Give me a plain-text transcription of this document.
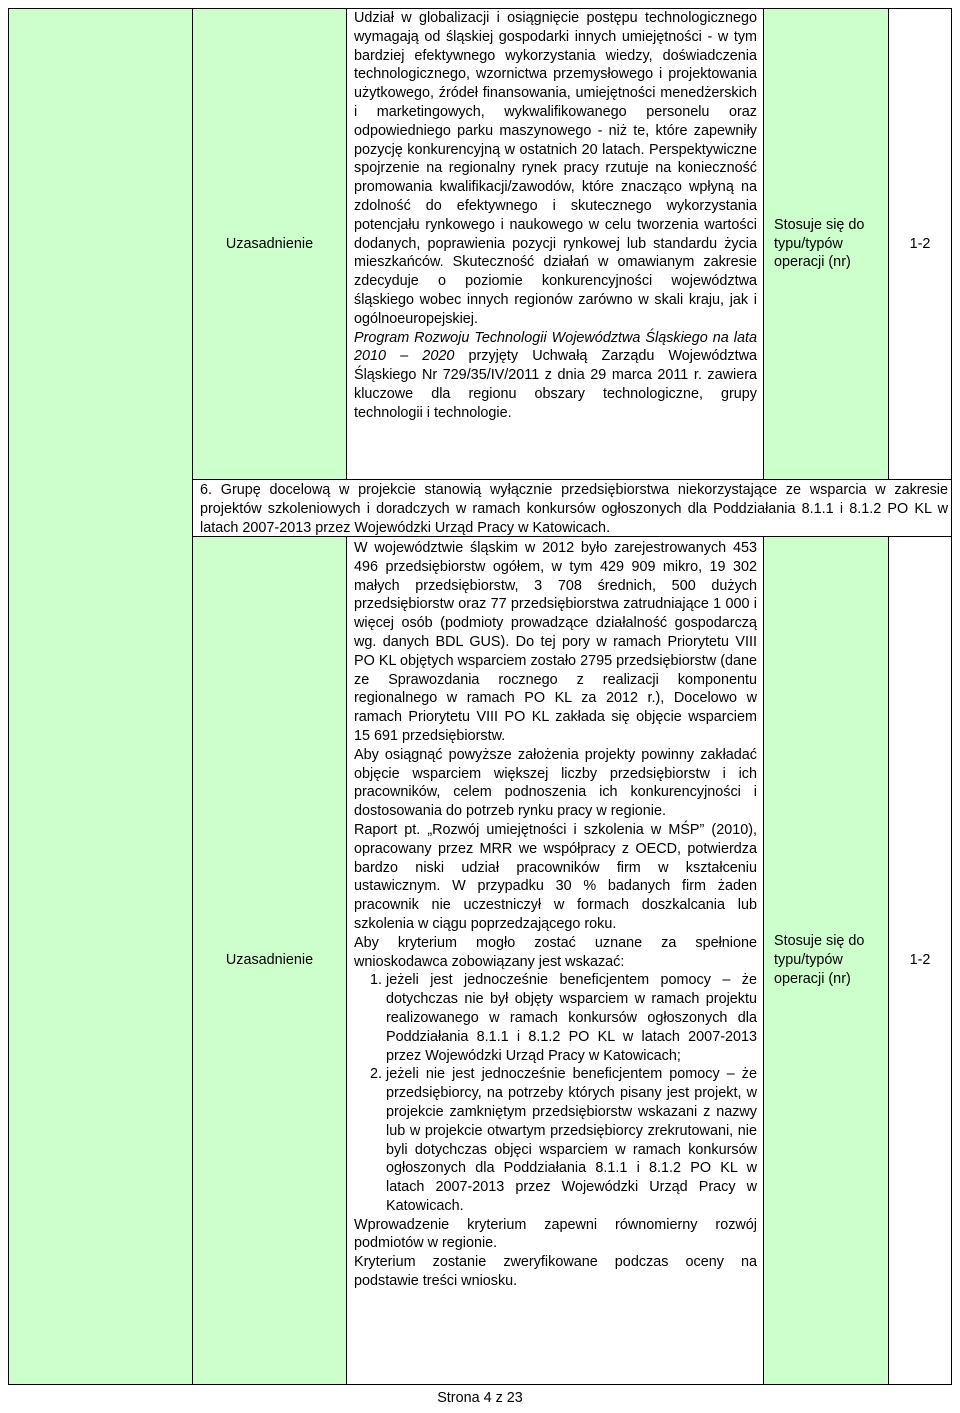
Uzasadnienie

Udział w globalizacji i osiągnięcie postępu technologicznego wymagają od śląskiej gospodarki innych umiejętności - w tym bardziej efektywnego wykorzystania wiedzy, doświadczenia technologicznego, wzornictwa przemysłowego i projektowania użytkowego, źródeł finansowania, umiejętności menedżerskich i marketingowych, wykwalifikowanego personelu oraz odpowiedniego parku maszynowego - niż te, które zapewniły pozycję konkurencyjną w ostatnich 20 latach. Perspektywiczne spojrzenie na regionalny rynek pracy rzutuje na konieczność promowania kwalifikacji/zawodów, które znacząco wpłyną na zdolność do efektywnego i skutecznego wykorzystania potencjału rynkowego i naukowego w celu tworzenia wartości dodanych, poprawienia pozycji rynkowej lub standardu życia mieszkańców. Skuteczność działań w omawianym zakresie zdecyduje o poziomie konkurencyjności województwa śląskiego wobec innych regionów zarówno w skali kraju, jak i ogólnoeuropejskiej.

Program Rozwoju Technologii Województwa Śląskiego na lata 2010 – 2020 przyjęty Uchwałą Zarządu Województwa Śląskiego Nr 729/35/IV/2011 z dnia 29 marca 2011 r. zawiera kluczowe dla regionu obszary technologiczne, grupy technologii i technologie.

Stosuje się do typu/typów operacji (nr)
1-2
6. Grupę docelową w projekcie stanowią wyłącznie przedsiębiorstwa niekorzystające ze wsparcia w zakresie projektów szkoleniowych i doradczych w ramach konkursów ogłoszonych dla Poddziałania 8.1.1 i 8.1.2 PO KL w latach 2007-2013 przez Wojewódzki Urząd Pracy w Katowicach.
Uzasadnienie

W województwie śląskim w 2012 było zarejestrowanych 453 496 przedsiębiorstw ogółem, w tym 429 909 mikro, 19 302 małych przedsiębiorstw, 3 708 średnich, 500 dużych przedsiębiorstw oraz 77 przedsiębiorstwa zatrudniające 1 000 i więcej osób (podmioty prowadzące działalność gospodarczą wg. danych BDL GUS). Do tej pory w ramach Priorytetu VIII PO KL objętych wsparciem zostało 2795 przedsiębiorstw (dane ze Sprawozdania rocznego z realizacji komponentu regionalnego w ramach PO KL za 2012 r.), Docelowo w ramach Priorytetu VIII PO KL zakłada się objęcie wsparciem 15 691 przedsiębiorstw.

Aby osiągnąć powyższe założenia projekty powinny zakładać objęcie wsparciem większej liczby przedsiębiorstw i ich pracowników, celem podnoszenia ich konkurencyjności i dostosowania do potrzeb rynku pracy w regionie.

Raport pt. „Rozwój umiejętności i szkolenia w MŚP” (2010), opracowany przez MRR we współpracy z OECD, potwierdza bardzo niski udział pracowników firm w kształceniu ustawicznym. W przypadku 30 % badanych firm żaden pracownik nie uczestniczył w formach doszkalcania lub szkolenia w ciągu poprzedzającego roku.

Aby kryterium mogło zostać uznane za spełnione wnioskodawca zobowiązany jest wskazać:

1. jeżeli jest jednocześnie beneficjentem pomocy – że dotychczas nie był objęty wsparciem w ramach projektu realizowanego w ramach konkursów ogłoszonych dla Poddziałania 8.1.1 i 8.1.2 PO KL w latach 2007-2013 przez Wojewódzki Urząd Pracy w Katowicach;
2. jeżeli nie jest jednocześnie beneficjentem pomocy – że przedsiębiorcy, na potrzeby których pisany jest projekt, w projekcie zamkniętym przedsiębiorstw wskazani z nazwy lub w projekcie otwartym przedsiębiorcy zrekrutowani, nie byli dotychczas objęci wsparciem w ramach konkursów ogłoszonych dla Poddziałania 8.1.1 i 8.1.2 PO KL w latach 2007-2013 przez Wojewódzki Urząd Pracy w Katowicach.

Wprowadzenie kryterium zapewni równomierny rozwój podmiotów w regionie.

Kryterium zostanie zweryfikowane podczas oceny na podstawie treści wniosku.

Stosuje się do typu/typów operacji (nr)
1-2
Strona 4 z 23
